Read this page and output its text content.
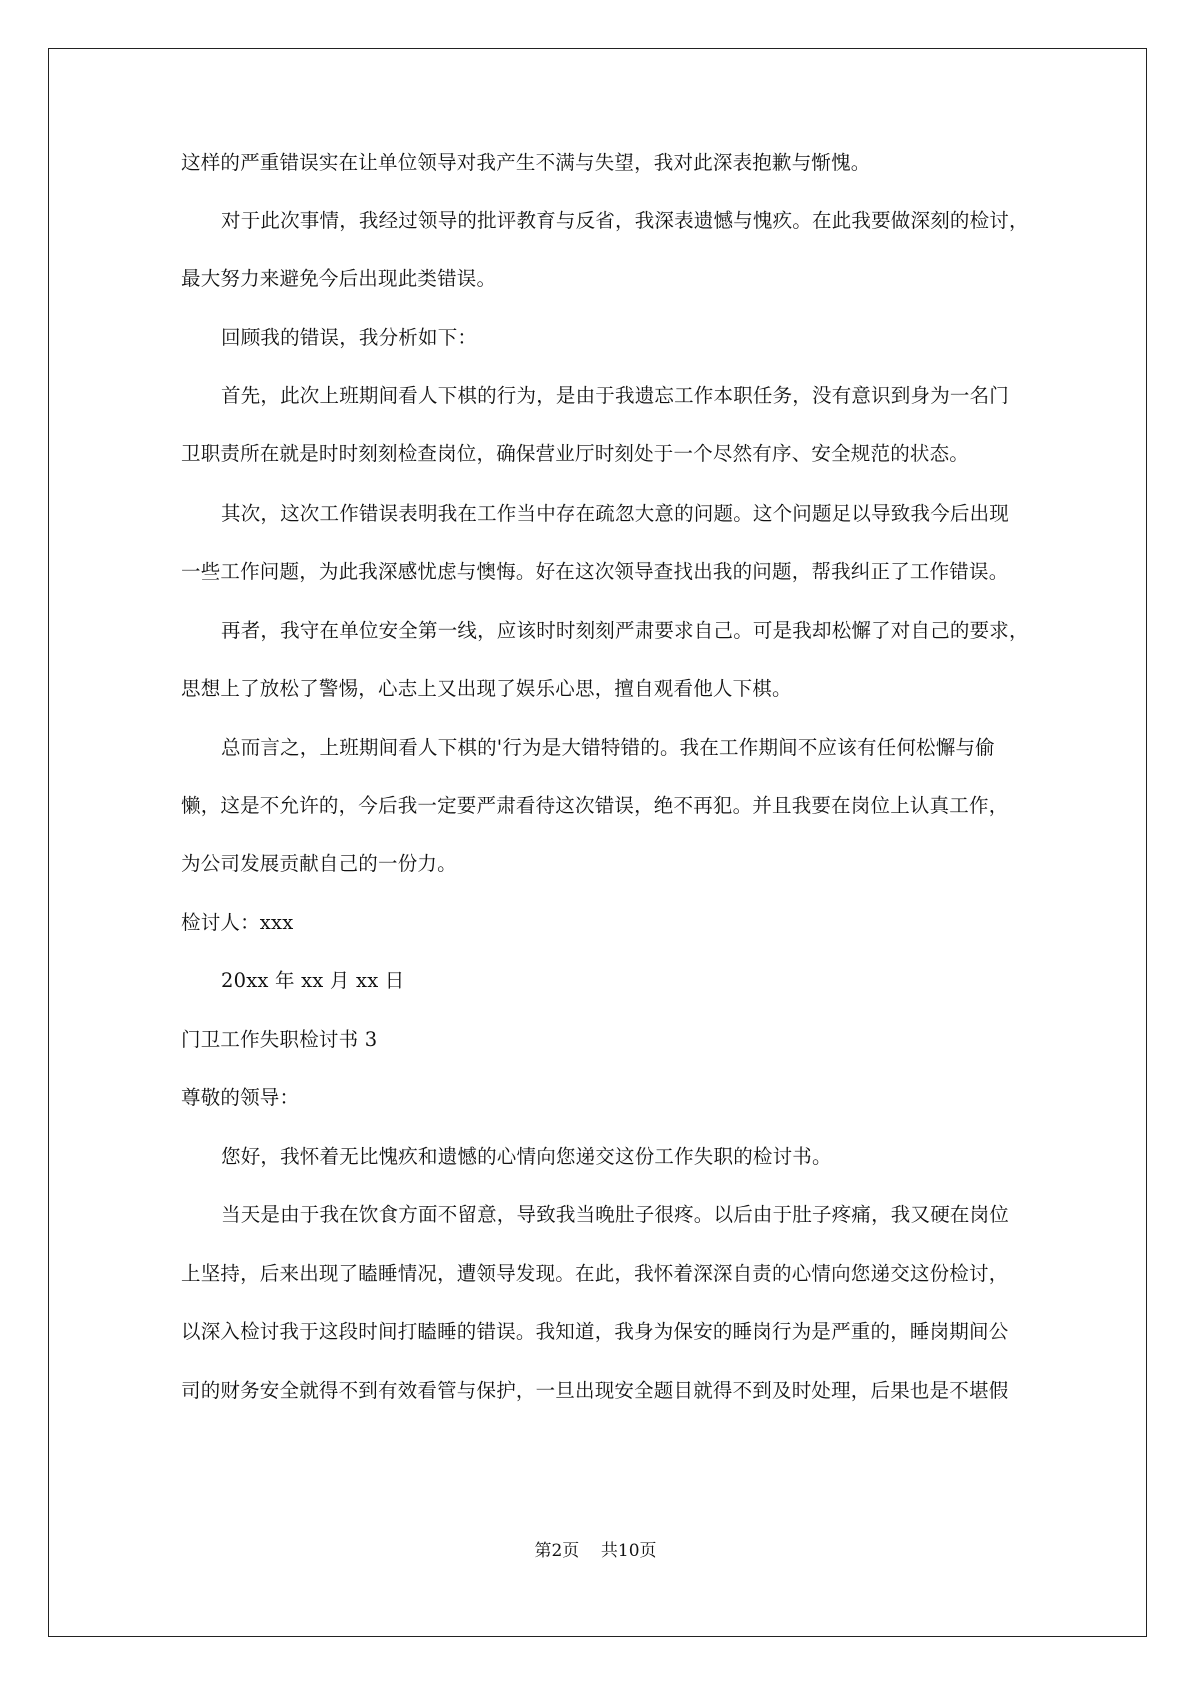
这样的严重错误实在让单位领导对我产生不满与失望，我对此深表抱歉与惭愧。
对于此次事情，我经过领导的批评教育与反省，我深表遗憾与愧疚。在此我要做深刻的检讨，
最大努力来避免今后出现此类错误。
回顾我的错误，我分析如下：
首先，此次上班期间看人下棋的行为，是由于我遗忘工作本职任务，没有意识到身为一名门
卫职责所在就是时时刻刻检查岗位，确保营业厅时刻处于一个尽然有序、安全规范的状态。
其次，这次工作错误表明我在工作当中存在疏忽大意的问题。这个问题足以导致我今后出现
一些工作问题，为此我深感忧虑与懊悔。好在这次领导查找出我的问题，帮我纠正了工作错误。
再者，我守在单位安全第一线，应该时时刻刻严肃要求自己。可是我却松懈了对自己的要求，
思想上了放松了警惕，心志上又出现了娱乐心思，擅自观看他人下棋。
总而言之，上班期间看人下棋的'行为是大错特错的。我在工作期间不应该有任何松懈与偷
懒，这是不允许的，今后我一定要严肃看待这次错误，绝不再犯。并且我要在岗位上认真工作，
为公司发展贡献自己的一份力。
检讨人：xxx
20xx 年 xx 月 xx 日
门卫工作失职检讨书 3
尊敬的领导：
您好，我怀着无比愧疚和遗憾的心情向您递交这份工作失职的检讨书。
当天是由于我在饮食方面不留意，导致我当晚肚子很疼。以后由于肚子疼痛，我又硬在岗位
上坚持，后来出现了瞌睡情况，遭领导发现。在此，我怀着深深自责的心情向您递交这份检讨，
以深入检讨我于这段时间打瞌睡的错误。我知道，我身为保安的睡岗行为是严重的，睡岗期间公
司的财务安全就得不到有效看管与保护，一旦出现安全题目就得不到及时处理，后果也是不堪假
第2页    共10页
